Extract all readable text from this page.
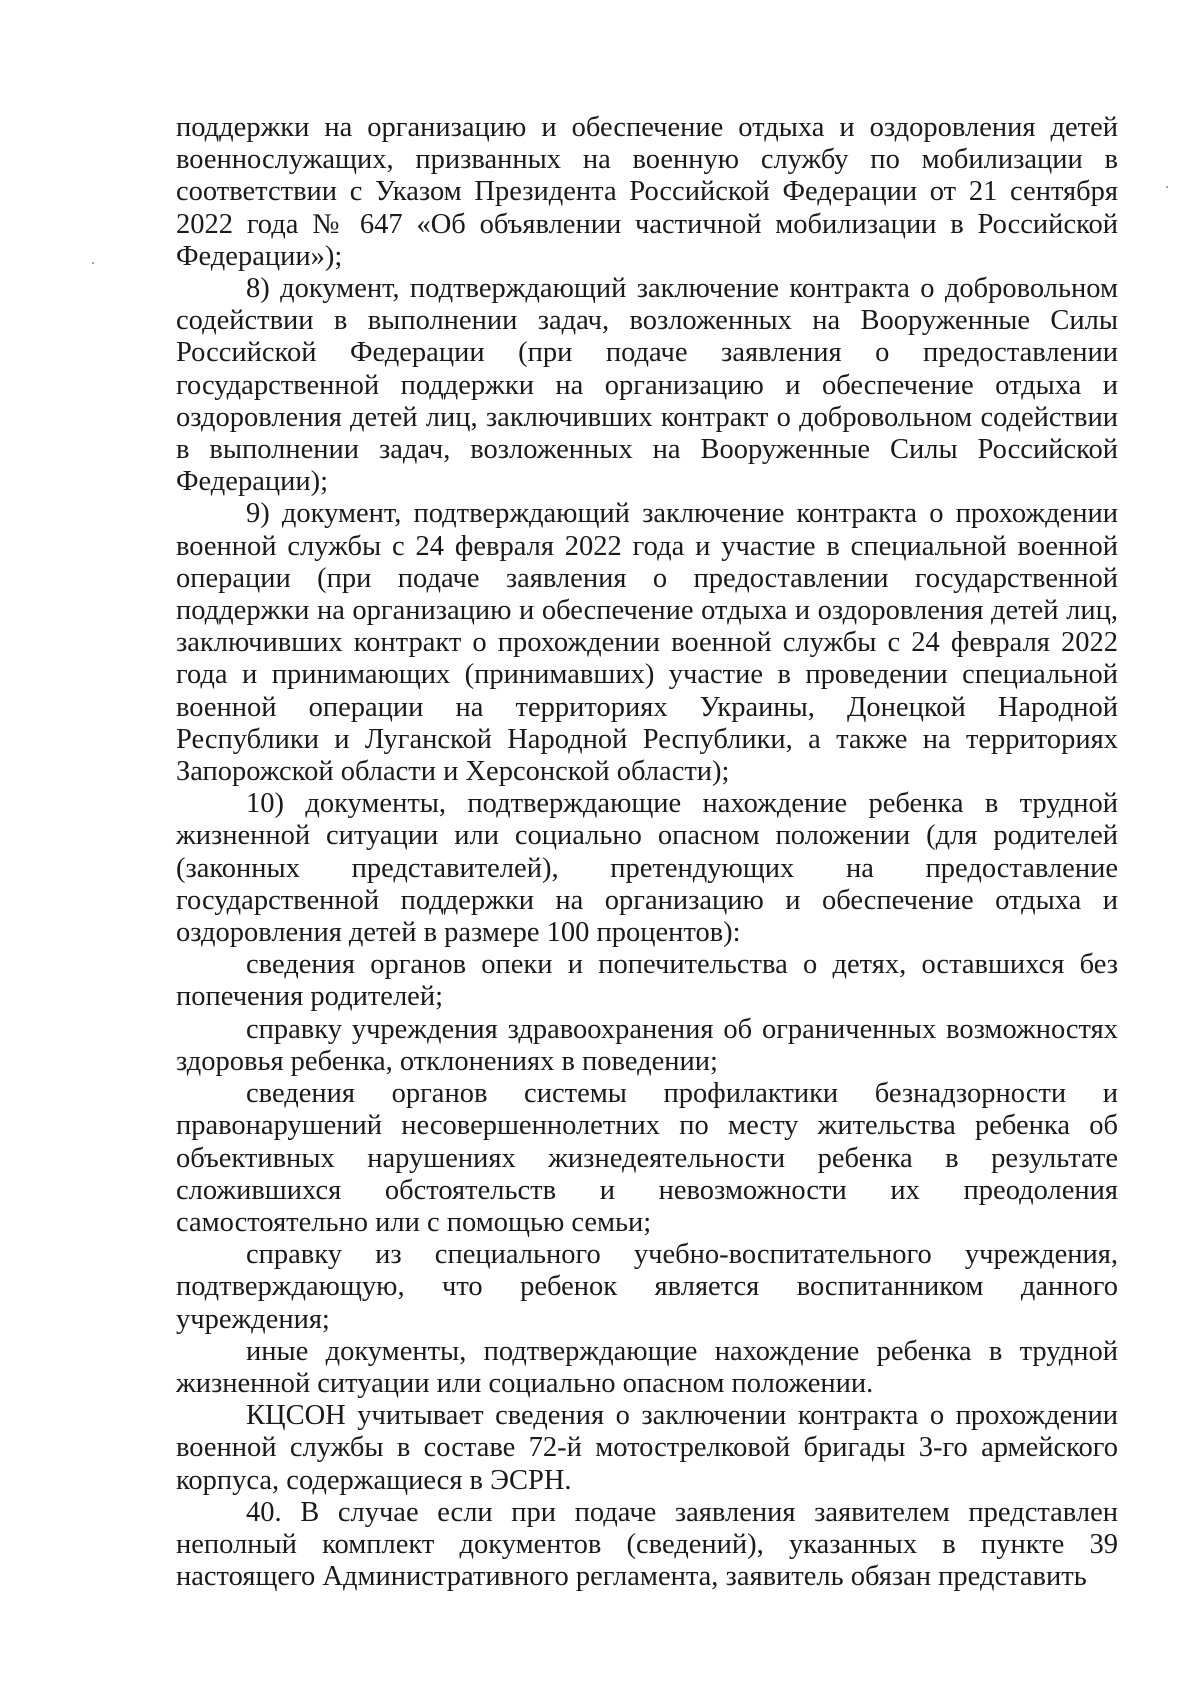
поддержки на организацию и обеспечение отдыха и оздоровления детей военнослужащих, призванных на военную службу по мобилизации в соответствии с Указом Президента Российской Федерации от 21 сентября 2022 года № 647 «Об объявлении частичной мобилизации в Российской Федерации»);

8) документ, подтверждающий заключение контракта о добровольном содействии в выполнении задач, возложенных на Вооруженные Силы Российской Федерации (при подаче заявления о предоставлении государственной поддержки на организацию и обеспечение отдыха и оздоровления детей лиц, заключивших контракт о добровольном содействии в выполнении задач, возложенных на Вооруженные Силы Российской Федерации);

9) документ, подтверждающий заключение контракта о прохождении военной службы с 24 февраля 2022 года и участие в специальной военной операции (при подаче заявления о предоставлении государственной поддержки на организацию и обеспечение отдыха и оздоровления детей лиц, заключивших контракт о прохождении военной службы с 24 февраля 2022 года и принимающих (принимавших) участие в проведении специальной военной операции на территориях Украины, Донецкой Народной Республики и Луганской Народной Республики, а также на территориях Запорожской области и Херсонской области);

10) документы, подтверждающие нахождение ребенка в трудной жизненной ситуации или социально опасном положении (для родителей (законных представителей), претендующих на предоставление государственной поддержки на организацию и обеспечение отдыха и оздоровления детей в размере 100 процентов):

сведения органов опеки и попечительства о детях, оставшихся без попечения родителей;

справку учреждения здравоохранения об ограниченных возможностях здоровья ребенка, отклонениях в поведении;

сведения органов системы профилактики безнадзорности и правонарушений несовершеннолетних по месту жительства ребенка об объективных нарушениях жизнедеятельности ребенка в результате сложившихся обстоятельств и невозможности их преодоления самостоятельно или с помощью семьи;

справку из специального учебно-воспитательного учреждения, подтверждающую, что ребенок является воспитанником данного учреждения;

иные документы, подтверждающие нахождение ребенка в трудной жизненной ситуации или социально опасном положении.

КЦСОН учитывает сведения о заключении контракта о прохождении военной службы в составе 72-й мотострелковой бригады 3-го армейского корпуса, содержащиеся в ЭСРН.

40. В случае если при подаче заявления заявителем представлен неполный комплект документов (сведений), указанных в пункте 39 настоящего Административного регламента, заявитель обязан представить
